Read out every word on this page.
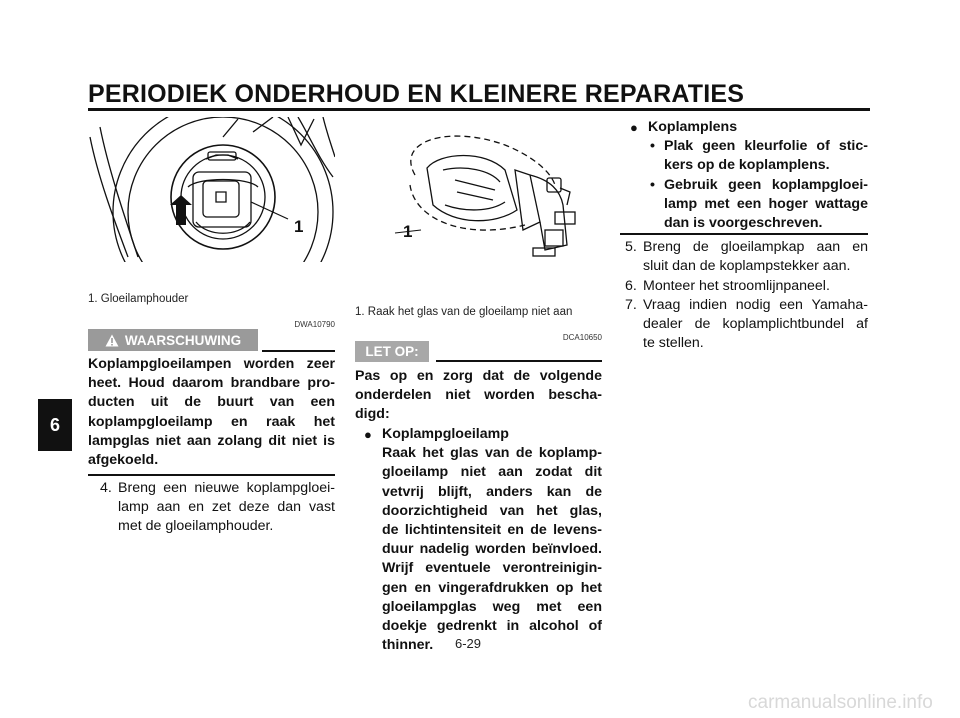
PERIODIEK ONDERHOUD EN KLEINERE REPARATIES
6
1
1. Gloeilamphouder
1
1. Raak het glas van de gloeilamp niet aan
DWA10790
WAARSCHUWING
Koplampgloeilampen worden zeer
heet. Houd daarom brandbare pro-
ducten uit de buurt van een
koplampgloeilamp en raak het
lampglas niet aan zolang dit niet is
afgekoeld.
4. Breng een nieuwe koplampgloei-
lamp aan en zet deze dan vast
met de gloeilamphouder.
DCA10650
LET OP:
Pas op en zorg dat de volgende
onderdelen niet worden bescha-
digd:
● Koplampgloeilamp
Raak het glas van de koplamp-
gloeilamp niet aan zodat dit
vetvrij blijft, anders kan de
doorzichtigheid van het glas,
de lichtintensiteit en de levens-
duur nadelig worden beïnvloed.
Wrijf eventuele verontreinigin-
gen en vingerafdrukken op het
gloeilampglas weg met een
doekje gedrenkt in alcohol of
thinner.
● Koplamplens
• Plak geen kleurfolie of stic-
kers op de koplamplens.
• Gebruik geen koplampgloei-
lamp met een hoger wattage
dan is voorgeschreven.
5. Breng de gloeilampkap aan en
sluit dan de koplampstekker aan.
6. Monteer het stroomlijnpaneel.
7. Vraag indien nodig een Yamaha-
dealer de koplamplichtbundel af
te stellen.
6-29
carmanualsonline.info
